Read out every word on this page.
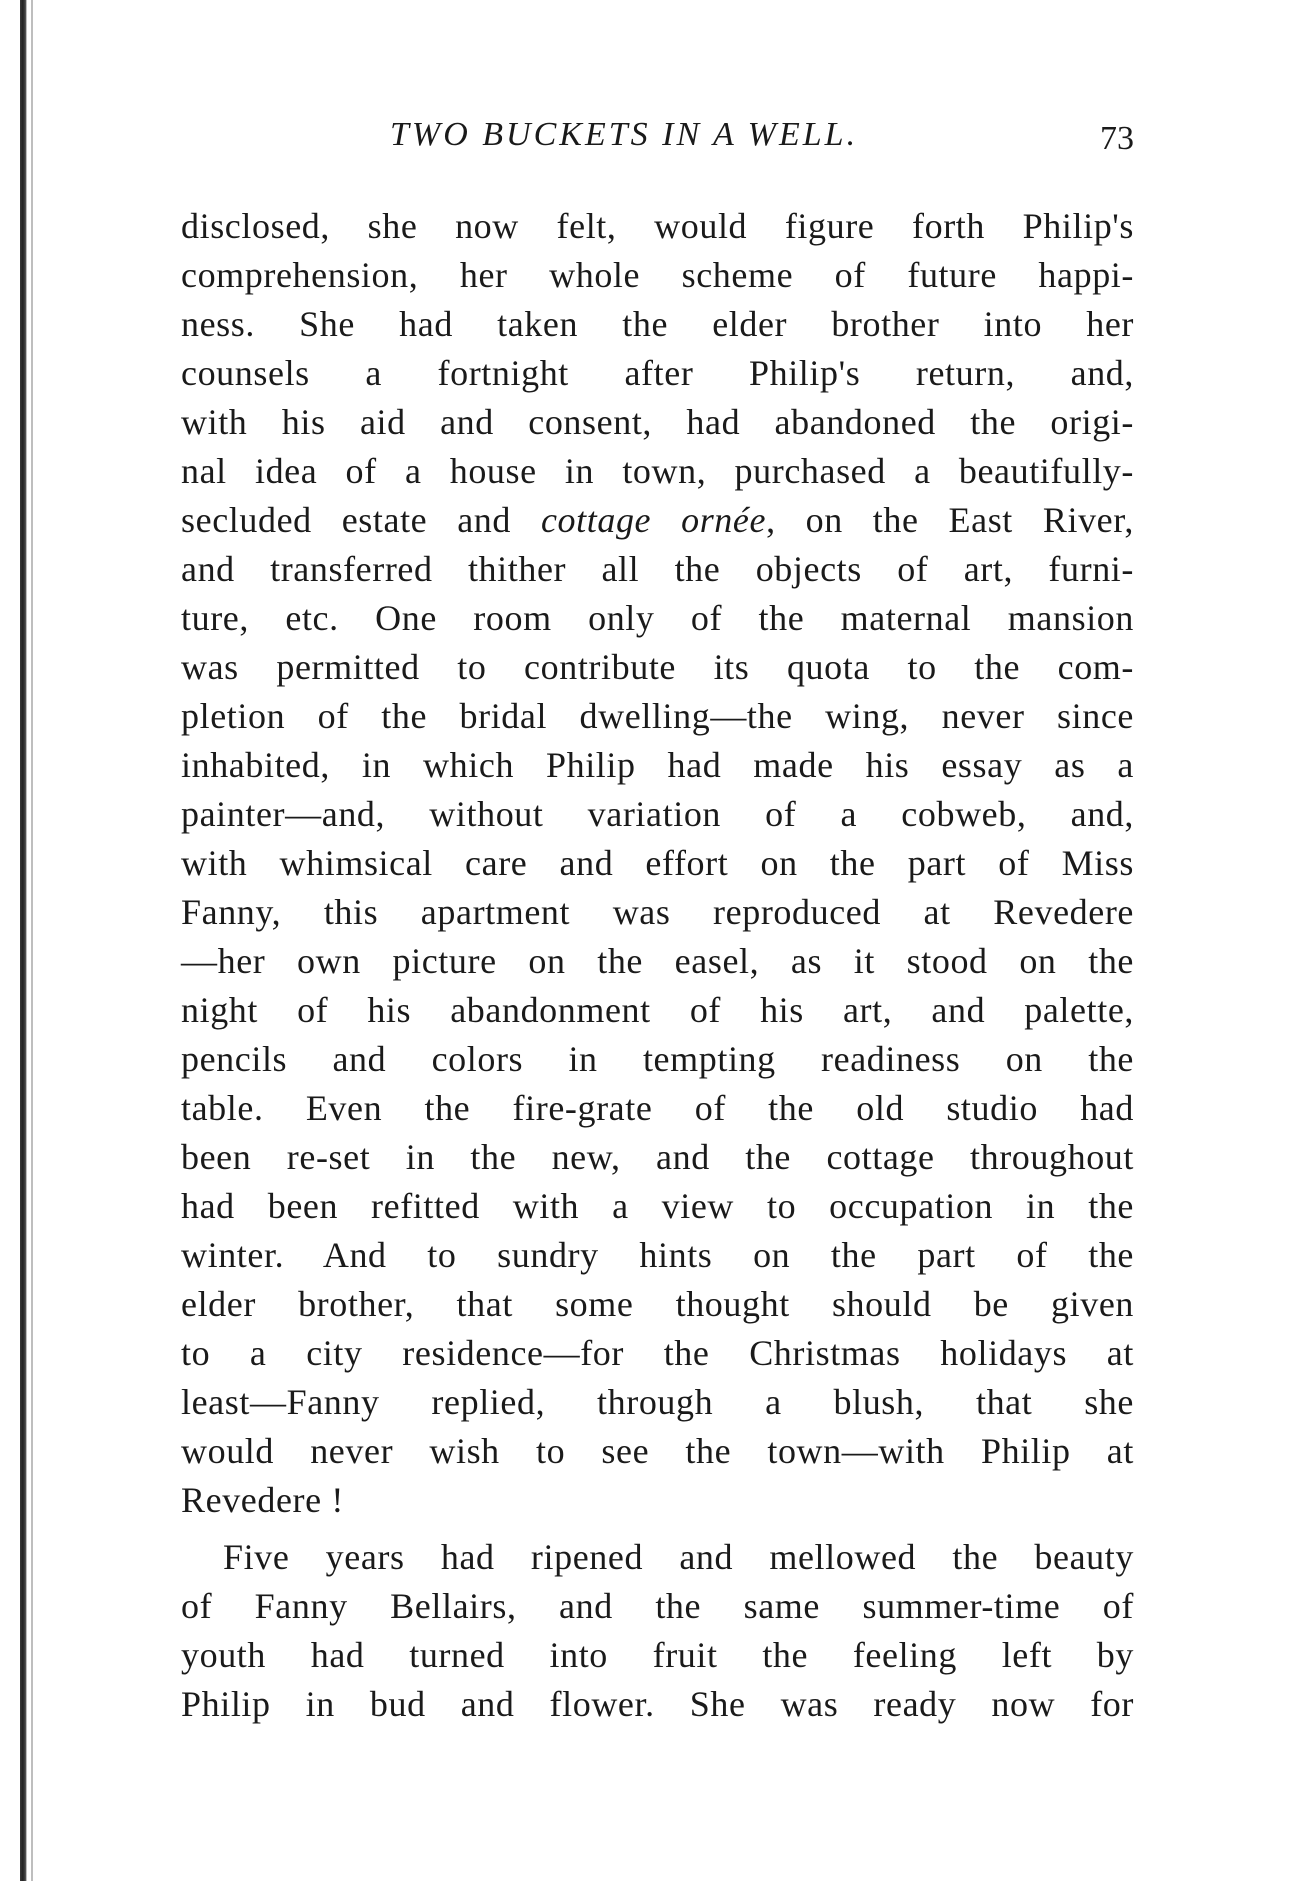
TWO BUCKETS IN A WELL.	73
disclosed, she now felt, would figure forth Philip's
comprehension, her whole scheme of future happi-
ness. She had taken the elder brother into her
counsels a fortnight after Philip's return, and,
with his aid and consent, had abandoned the origi-
nal idea of a house in town, purchased a beautifully-
secluded estate and cottage ornée, on the East River,
and transferred thither all the objects of art, furni-
ture, etc. One room only of the maternal mansion
was permitted to contribute its quota to the com-
pletion of the bridal dwelling—the wing, never since
inhabited, in which Philip had made his essay as a
painter—and, without variation of a cobweb, and,
with whimsical care and effort on the part of Miss
Fanny, this apartment was reproduced at Revedere
—her own picture on the easel, as it stood on the
night of his abandonment of his art, and palette,
pencils and colors in tempting readiness on the
table. Even the fire-grate of the old studio had
been re-set in the new, and the cottage throughout
had been refitted with a view to occupation in the
winter. And to sundry hints on the part of the
elder brother, that some thought should be given
to a city residence—for the Christmas holidays at
least—Fanny replied, through a blush, that she
would never wish to see the town—with Philip at
Revedere !
Five years had ripened and mellowed the beauty
of Fanny Bellairs, and the same summer-time of
youth had turned into fruit the feeling left by
Philip in bud and flower. She was ready now for
